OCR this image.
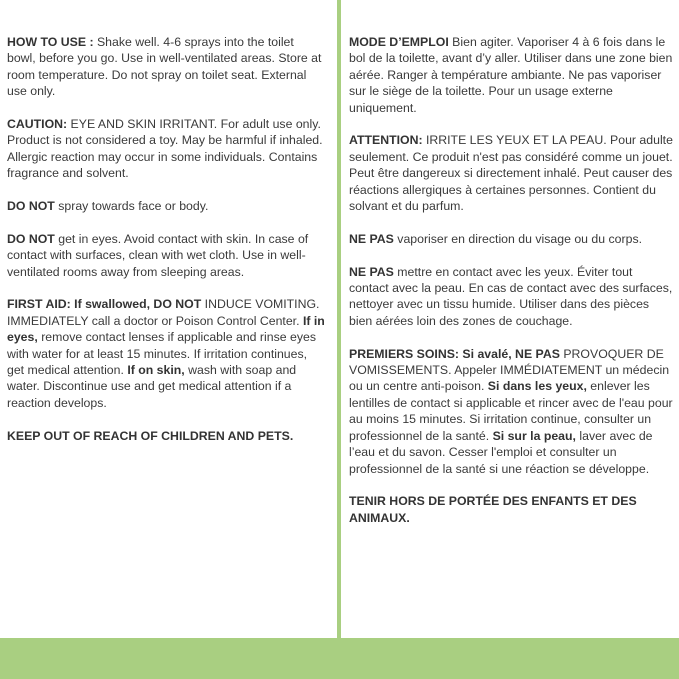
HOW TO USE : Shake well. 4-6 sprays into the toilet bowl, before you go. Use in well-ventilated areas. Store at room temperature. Do not spray on toilet seat. External use only.

CAUTION: EYE AND SKIN IRRITANT. For adult use only. Product is not considered a toy. May be harmful if inhaled. Allergic reaction may occur in some individuals. Contains fragrance and solvent.

DO NOT spray towards face or body.

DO NOT get in eyes. Avoid contact with skin. In case of contact with surfaces, clean with wet cloth. Use in well-ventilated rooms away from sleeping areas.

FIRST AID: If swallowed, DO NOT INDUCE VOMITING. IMMEDIATELY call a doctor or Poison Control Center. If in eyes, remove contact lenses if applicable and rinse eyes with water for at least 15 minutes. If irritation continues, get medical attention. If on skin, wash with soap and water. Discontinue use and get medical attention if a reaction develops.

KEEP OUT OF REACH OF CHILDREN AND PETS.

MODE D’EMPLOI Bien agiter. Vaporiser 4 à 6 fois dans le bol de la toilette, avant d’y aller. Utiliser dans une zone bien aérée. Ranger à température ambiante. Ne pas vaporiser sur le siège de la toilette. Pour un usage externe uniquement.

ATTENTION: IRRITE LES YEUX ET LA PEAU. Pour adulte seulement. Ce produit n'est pas considéré comme un jouet. Peut être dangereux si directement inhalé. Peut causer des réactions allergiques à certaines personnes. Contient du solvant et du parfum.

NE PAS vaporiser en direction du visage ou du corps.

NE PAS mettre en contact avec les yeux. Éviter tout contact avec la peau. En cas de contact avec des surfaces, nettoyer avec un tissu humide. Utiliser dans des pièces bien aérées loin des zones de couchage.

PREMIERS SOINS: Si avalé, NE PAS PROVOQUER DE VOMISSEMENTS. Appeler IMMÉDIATEMENT un médecin ou un centre anti-poison. Si dans les yeux, enlever les lentilles de contact si applicable et rincer avec de l'eau pour au moins 15 minutes. Si irritation continue, consulter un professionnel de la santé. Si sur la peau, laver avec de l’eau et du savon. Cesser l'emploi et consulter un professionnel de la santé si une réaction se développe.

TENIR HORS DE PORTÉE DES ENFANTS ET DES ANIMAUX.
